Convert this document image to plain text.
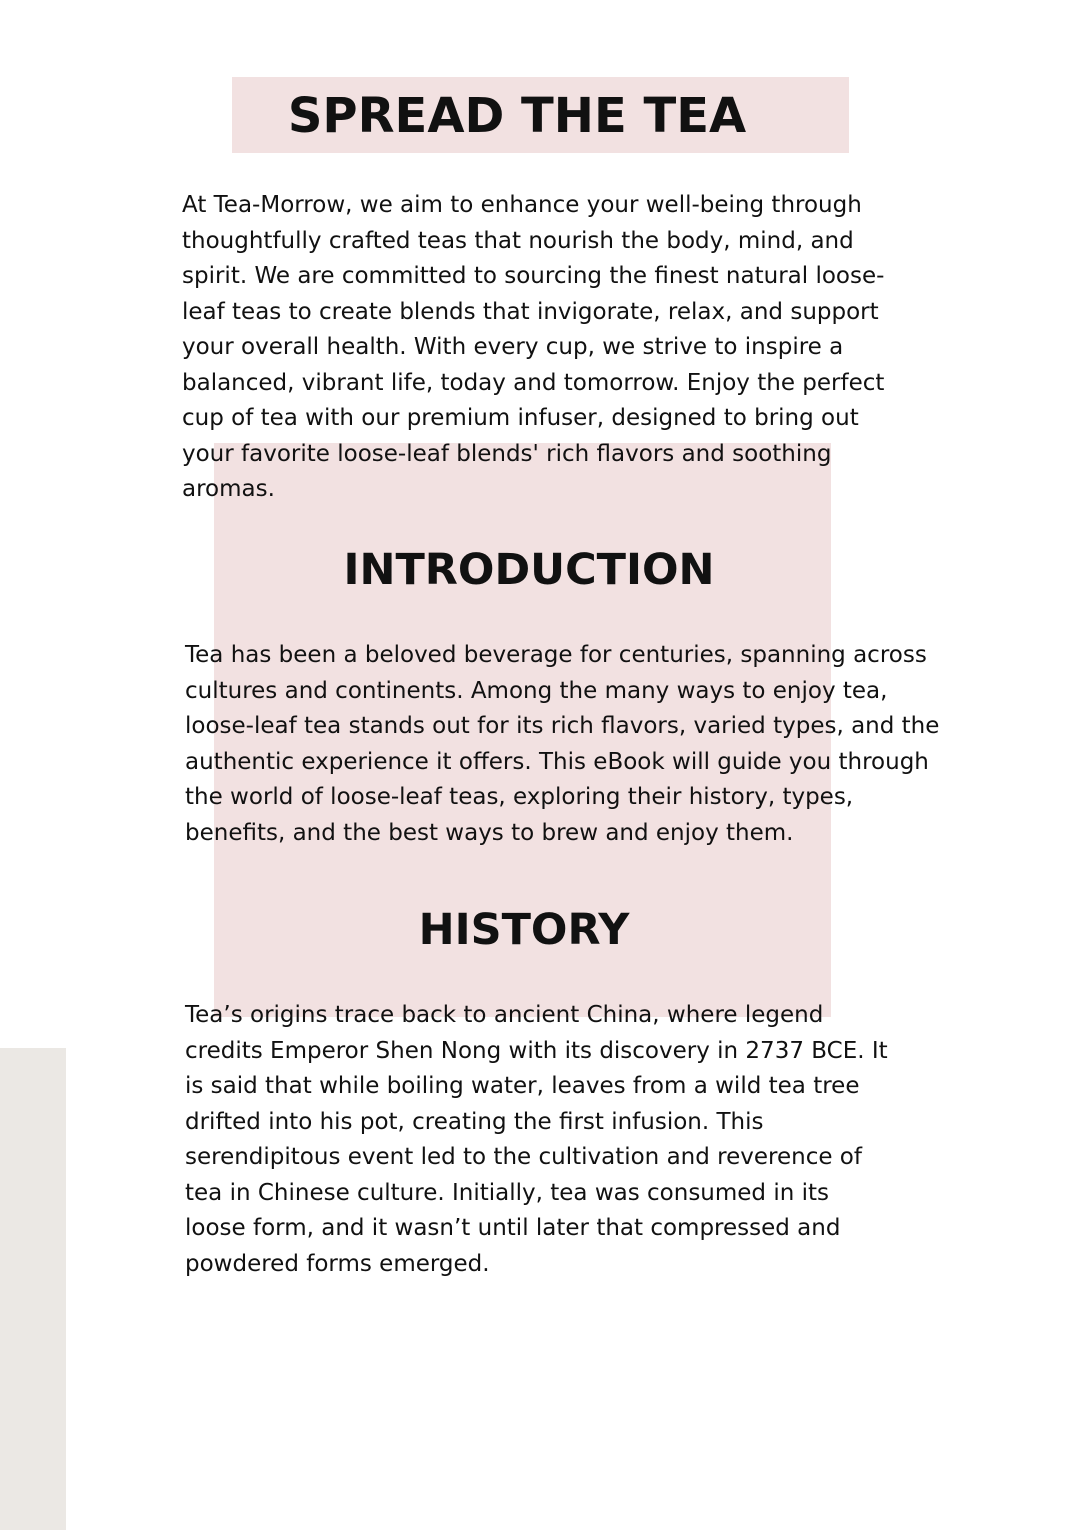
SPREAD THE TEA

At Tea-Morrow, we aim to enhance your well-being through
thoughtfully crafted teas that nourish the body, mind, and
spirit. We are committed to sourcing the finest natural loose-
leaf teas to create blends that invigorate, relax, and support
your overall health. With every cup, we strive to inspire a
balanced, vibrant life, today and tomorrow. Enjoy the perfect
cup of tea with our premium infuser, designed to bring out
your favorite loose-leaf blends' rich flavors and soothing
aromas.

INTRODUCTION

Tea has been a beloved beverage for centuries, spanning across
cultures and continents. Among the many ways to enjoy tea,
loose-leaf tea stands out for its rich flavors, varied types, and the
authentic experience it offers. This eBook will guide you through
the world of loose-leaf teas, exploring their history, types,
benefits, and the best ways to brew and enjoy them.

HISTORY

Tea’s origins trace back to ancient China, where legend
credits Emperor Shen Nong with its discovery in 2737 BCE. It
is said that while boiling water, leaves from a wild tea tree
drifted into his pot, creating the first infusion. This
serendipitous event led to the cultivation and reverence of
tea in Chinese culture. Initially, tea was consumed in its
loose form, and it wasn’t until later that compressed and
powdered forms emerged.
